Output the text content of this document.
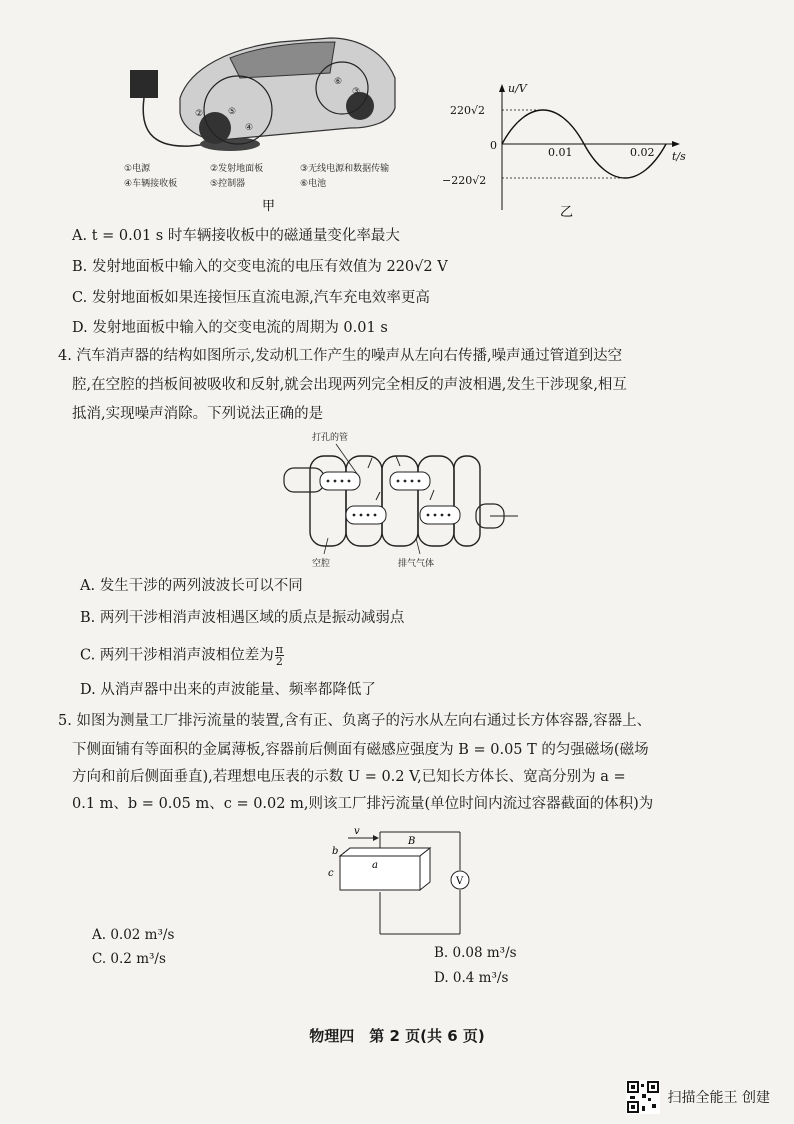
②	⑤
④
⑥
③
①电源	②发射地面板	③无线电源和数据传输
④车辆接收板	⑤控制器	⑥电池
甲
u/V
t/s
220√2
−220√2
0
0.01	0.02
乙
A. t = 0.01 s 时车辆接收板中的磁通量变化率最大
B. 发射地面板中输入的交变电流的电压有效值为 220√2 V
C. 发射地面板如果连接恒压直流电源,汽车充电效率更高
D. 发射地面板中输入的交变电流的周期为 0.01 s
4. 汽车消声器的结构如图所示,发动机工作产生的噪声从左向右传播,噪声通过管道到达空
腔,在空腔的挡板间被吸收和反射,就会出现两列完全相反的声波相遇,发生干涉现象,相互
抵消,实现噪声消除。下列说法正确的是
打孔的管
空腔	排气气体
A. 发生干涉的两列波波长可以不同
B. 两列干涉相消声波相遇区域的质点是振动减弱点
C. 两列干涉相消声波相位差为 $\frac{\pi}{2}$
D. 从消声器中出来的声波能量、频率都降低了
5. 如图为测量工厂排污流量的装置,含有正、负离子的污水从左向右通过长方体容器,容器上、
下侧面铺有等面积的金属薄板,容器前后侧面有磁感应强度为 B = 0.05 T 的匀强磁场(磁场
方向和前后侧面垂直),若理想电压表的示数 U = 0.2 V,已知长方体长、宽高分别为 a =
0.1 m、b = 0.05 m、c = 0.02 m,则该工厂排污流量(单位时间内流过容器截面的体积)为
V
v
B
a
b
c
A. 0.02 m³/s
B. 0.08 m³/s
C. 0.2 m³/s
D. 0.4 m³/s
物理四　第 2 页(共 6 页)
扫描全能王 创建
